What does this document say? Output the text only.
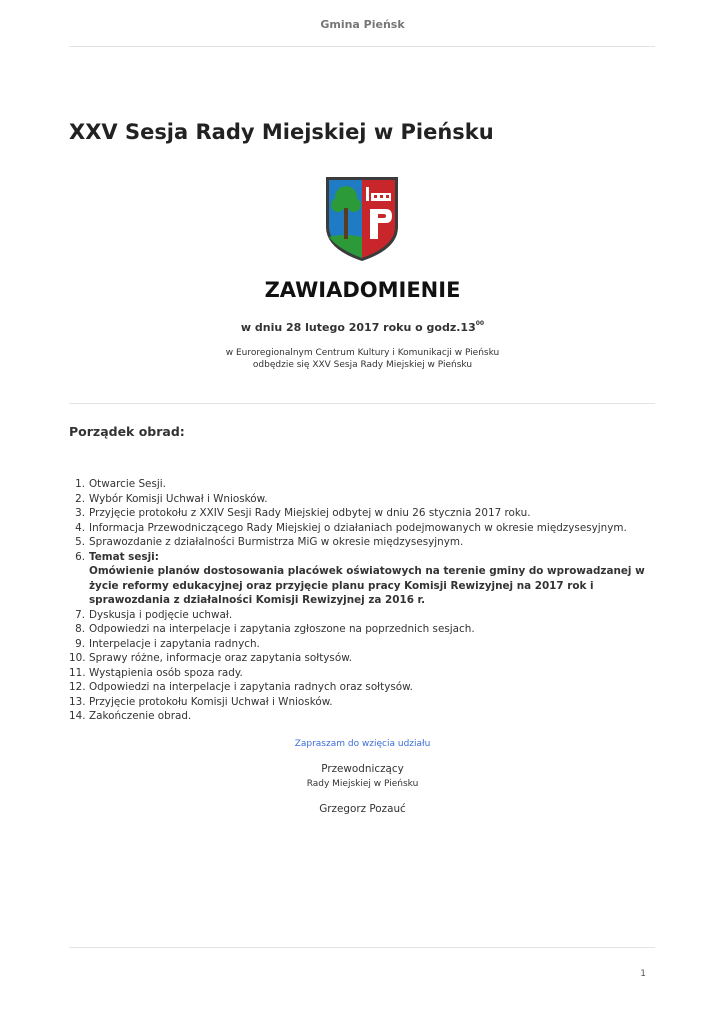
Gmina Pieńsk
XXV Sesja Rady Miejskiej w Pieńsku
ZAWIADOMIENIE
w dniu 28 lutego 2017 roku o $godz.13^{00}$
w Euroregionalnym Centrum Kultury i Komunikacji w Pieńsku
odbędzie się XXV Sesja Rady Miejskiej w Pieńsku
Porządek obrad:
1. Otwarcie Sesji.
2. Wybór Komisji Uchwał i Wniosków.
3. Przyjęcie protokołu z XXIV Sesji Rady Miejskiej odbytej w dniu 26 stycznia 2017 roku.
4. Informacja Przewodniczącego Rady Miejskiej o działaniach podejmowanych w okresie międzysesyjnym.
5. Sprawozdanie z działalności Burmistrza MiG w okresie międzysesyjnym.
6. Temat sesji:
Omówienie planów dostosowania placówek oświatowych na terenie gminy do wprowadzanej w życie reformy edukacyjnej oraz przyjęcie planu pracy Komisji Rewizyjnej na 2017 rok i sprawozdania z działalności Komisji Rewizyjnej za 2016 r.
7. Dyskusja i podjęcie uchwał.
8. Odpowiedzi na interpelacje i zapytania zgłoszone na poprzednich sesjach.
9. Interpelacje i zapytania radnych.
10. Sprawy różne, informacje oraz zapytania sołtysów.
11. Wystąpienia osób spoza rady.
12. Odpowiedzi na interpelacje i zapytania radnych oraz sołtysów.
13. Przyjęcie protokołu Komisji Uchwał i Wniosków.
14. Zakończenie obrad.
Zapraszam do wzięcia udziału
Przewodniczący
Rady Miejskiej w Pieńsku
Grzegorz Pozauć
1
